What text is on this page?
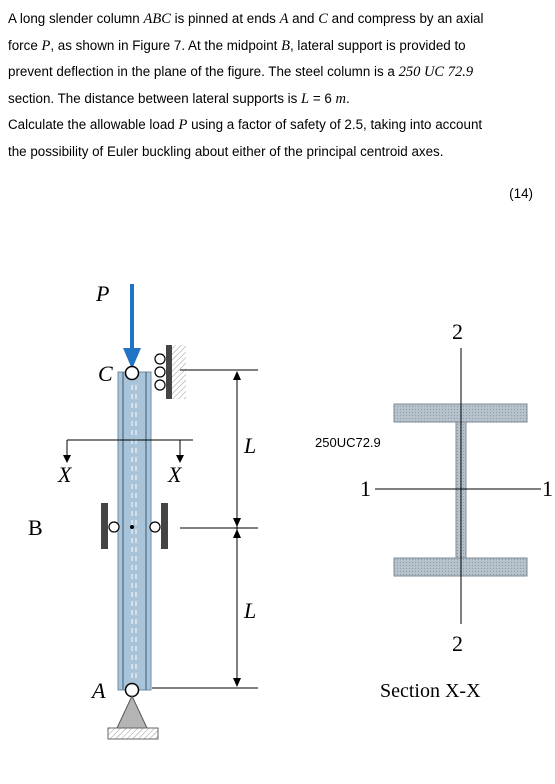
A long slender column ABC is pinned at ends A and C and compress by an axial

force P, as shown in Figure 7. At the midpoint B, lateral support is provided to

prevent deflection in the plane of the figure. The steel column is a 250 UC 72.9

section. The distance between lateral supports is L = 6 m.

Calculate the allowable load P using a factor of safety of 2.5, taking into account

the possibility of Euler buckling about either of the principal centroid axes.

(14)
P
C
B
A
X	X
L
L
2
2
1	1
250UC72.9
Section X-X
